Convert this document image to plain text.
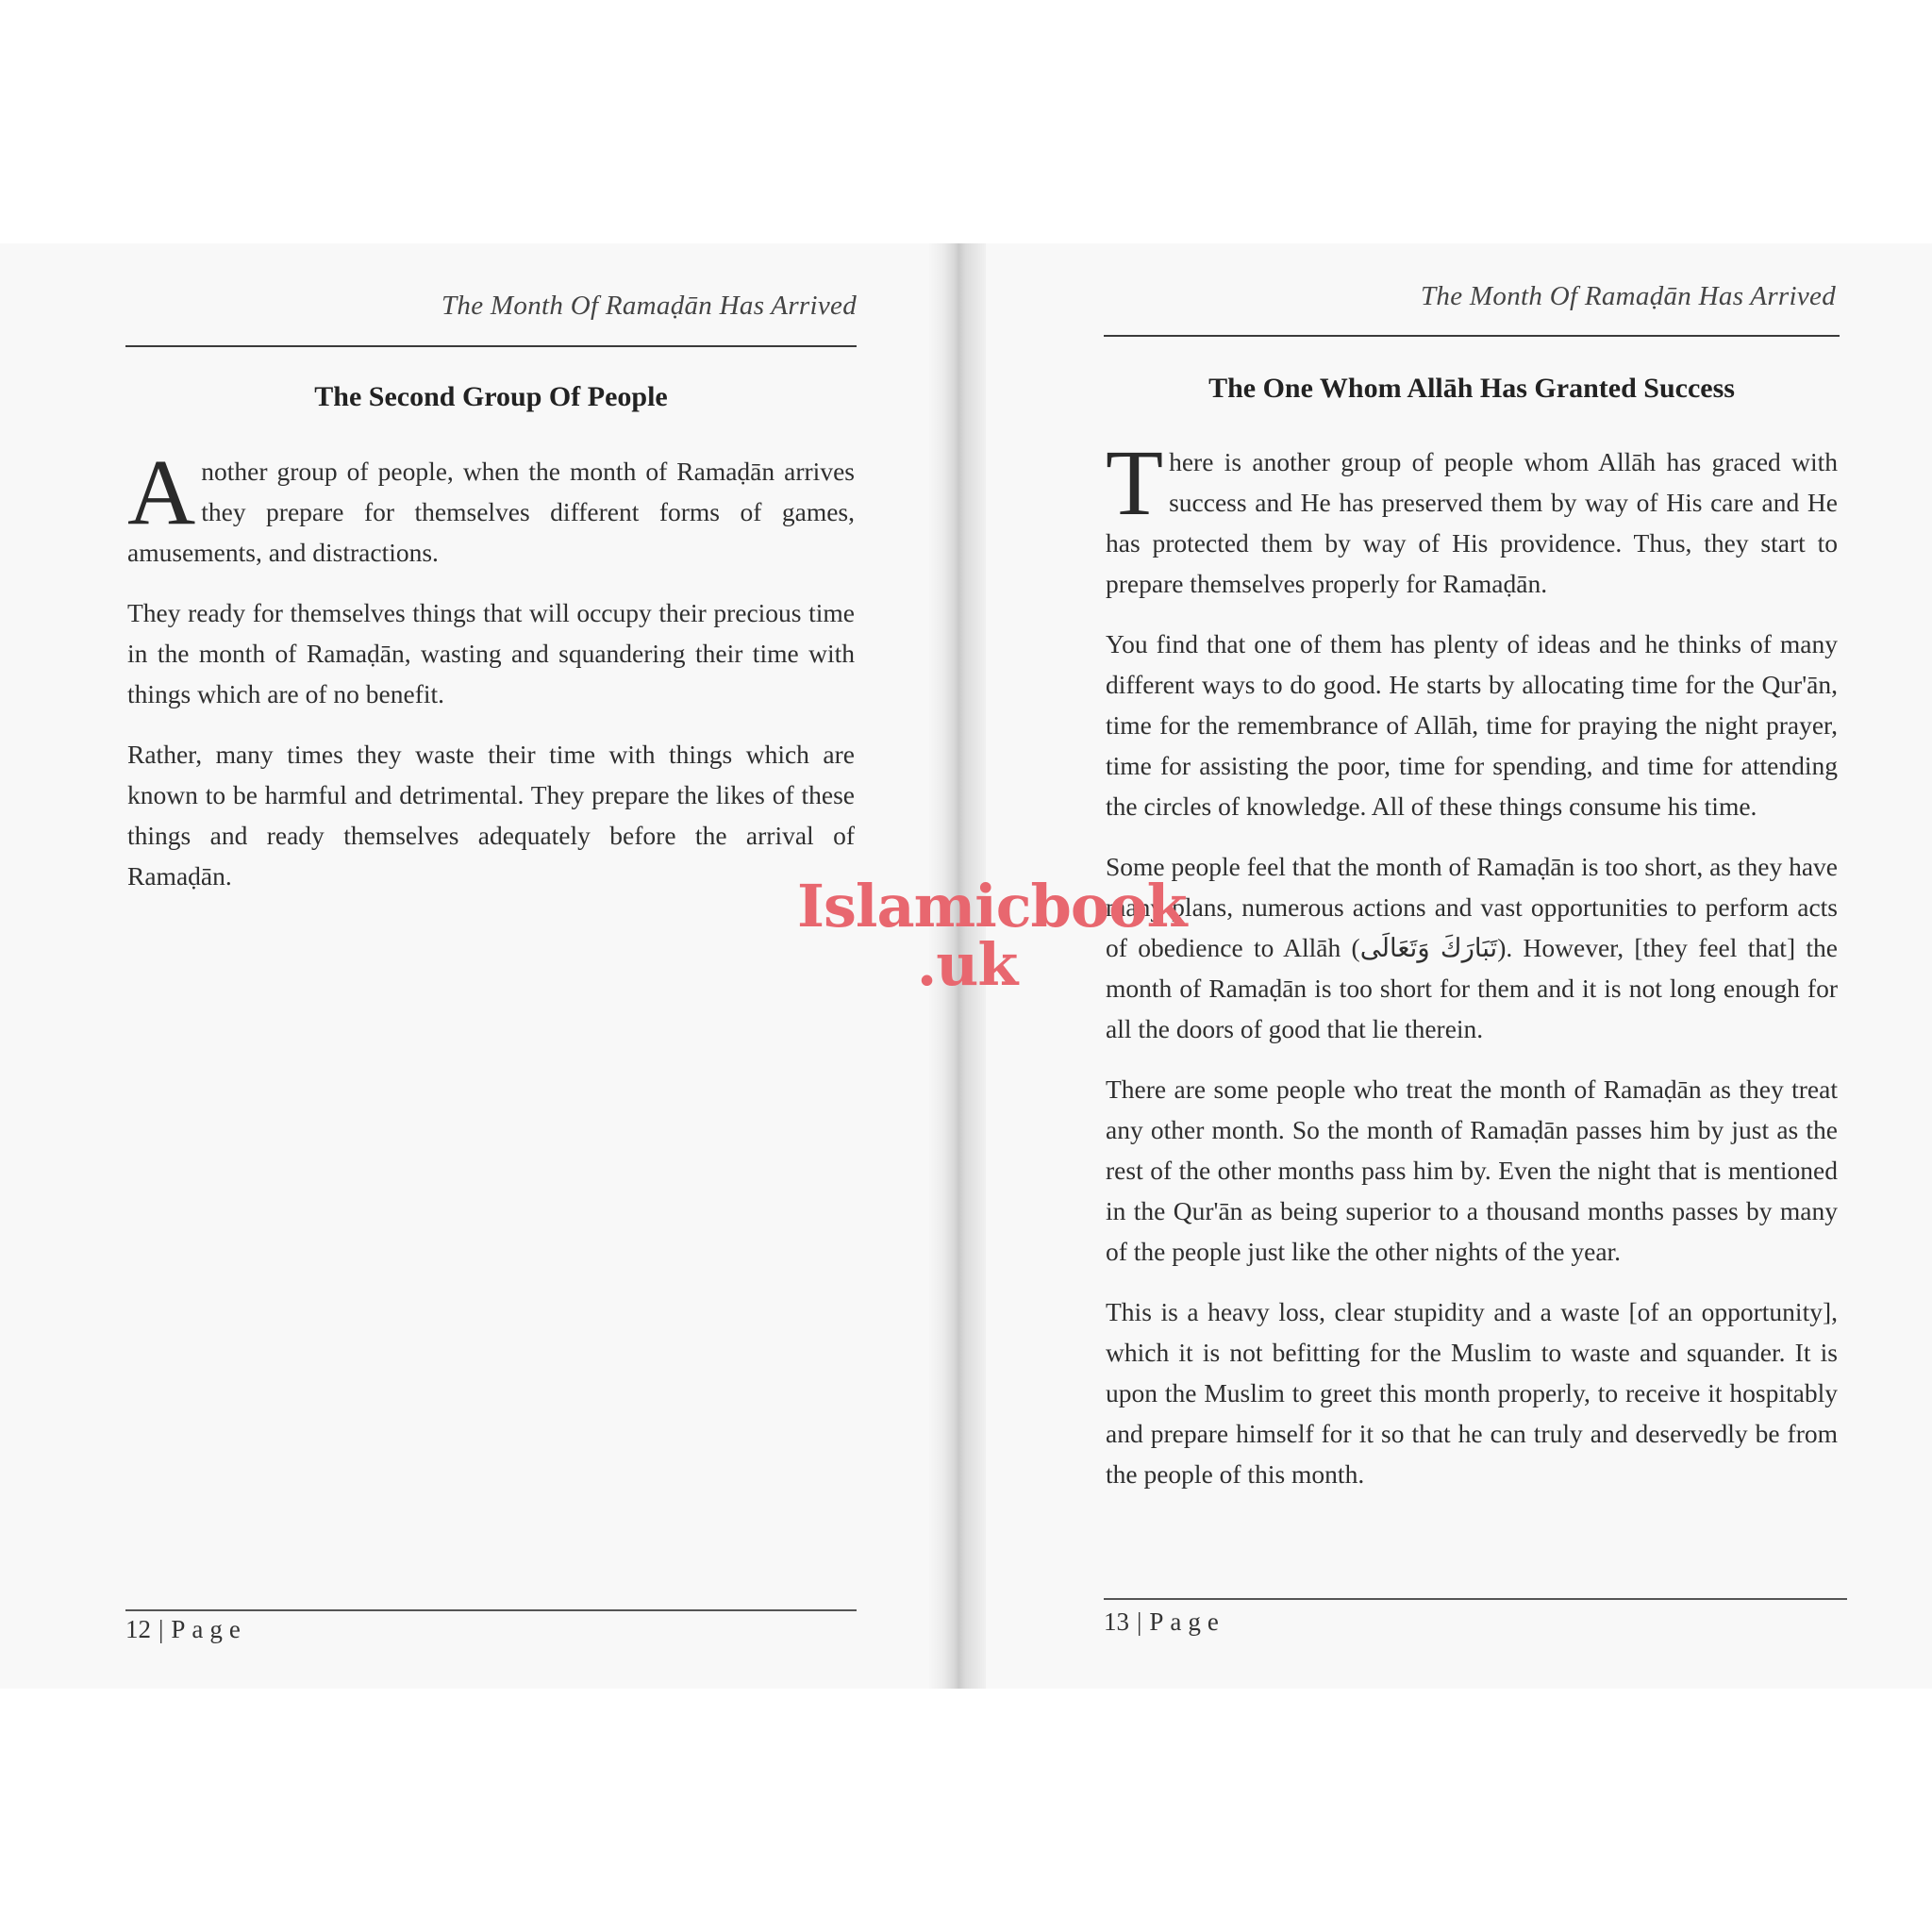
The Month Of Ramaḍān Has Arrived
The Second Group Of People

Another group of people, when the month of Ramaḍān arrives they prepare for themselves different forms of games, amusements, and distractions.

They ready for themselves things that will occupy their precious time in the month of Ramaḍān, wasting and squandering their time with things which are of no benefit.

Rather, many times they waste their time with things which are known to be harmful and detrimental. They prepare the likes of these things and ready themselves adequately before the arrival of Ramaḍān.

12 | Page
The Month Of Ramaḍān Has Arrived
The One Whom Allāh Has Granted Success

There is another group of people whom Allāh has graced with success and He has preserved them by way of His care and He has protected them by way of His providence. Thus, they start to prepare themselves properly for Ramaḍān.

You find that one of them has plenty of ideas and he thinks of many different ways to do good. He starts by allocating time for the Qur'ān, time for the remembrance of Allāh, time for praying the night prayer, time for assisting the poor, time for spending, and time for attending the circles of knowledge. All of these things consume his time.

Some people feel that the month of Ramaḍān is too short, as they have many plans, numerous actions and vast opportunities to perform acts of obedience to Allāh (تَبَارَكَ وَتَعَالَى). However, [they feel that] the month of Ramaḍān is too short for them and it is not long enough for all the doors of good that lie therein.

There are some people who treat the month of Ramaḍān as they treat any other month. So the month of Ramaḍān passes him by just as the rest of the other months pass him by. Even the night that is mentioned in the Qur'ān as being superior to a thousand months passes by many of the people just like the other nights of the year.

This is a heavy loss, clear stupidity and a waste [of an opportunity], which it is not befitting for the Muslim to waste and squander. It is upon the Muslim to greet this month properly, to receive it hospitably and prepare himself for it so that he can truly and deservedly be from the people of this month.

13 | Page
Islamicbook
.uk
